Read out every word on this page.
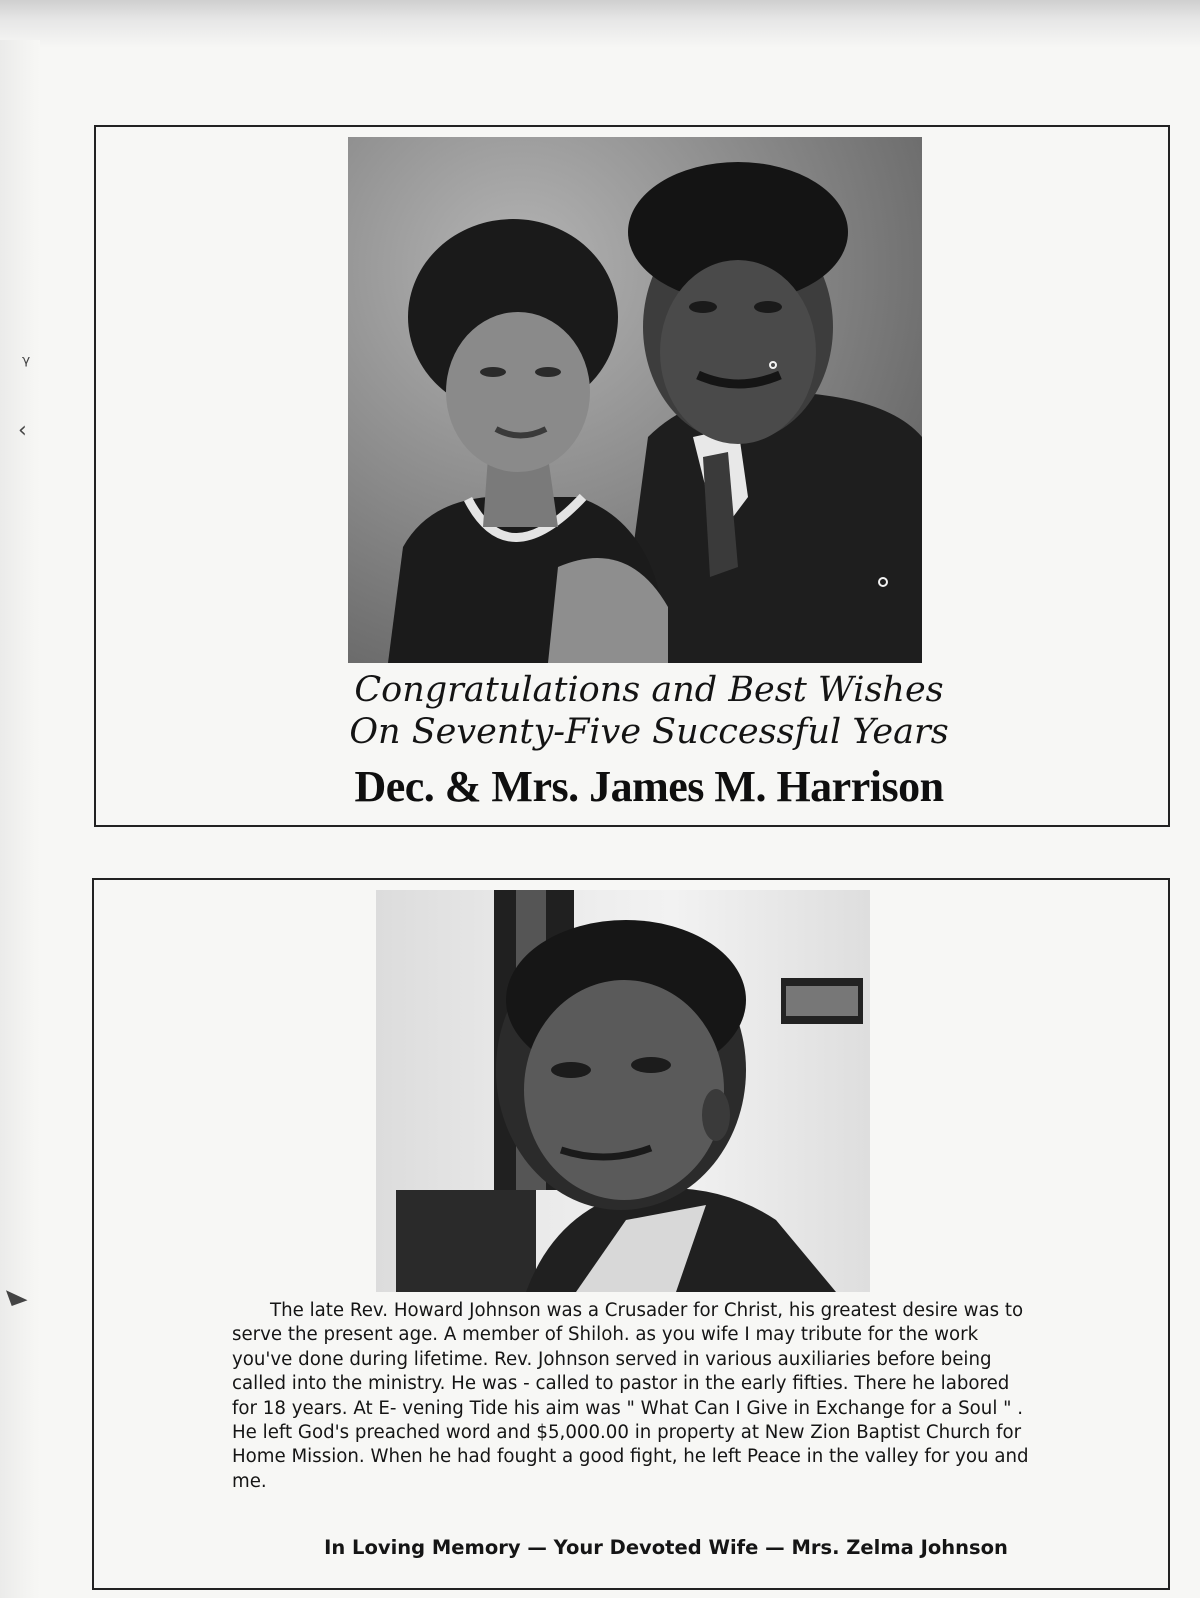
ᵞ
‹
◣
Congratulations and Best Wishes
On Seventy-Five Successful Years
Dec. & Mrs. James M. Harrison

The late Rev. Howard Johnson was a Crusader for Christ, his greatest desire was to serve the present age. A member of Shiloh. as you wife I may tribute for the work you've done during lifetime. Rev. Johnson served in various auxiliaries before being called into the ministry. He was - called to pastor in the early fifties. There he labored for 18 years. At E- vening Tide his aim was " What Can I Give in Exchange for a Soul " . He left God's preached word and $5,000.00 in property at New Zion Baptist Church for Home Mission. When he had fought a good fight, he left Peace in the valley for you and me.

In Loving Memory — Your Devoted Wife — Mrs. Zelma Johnson
